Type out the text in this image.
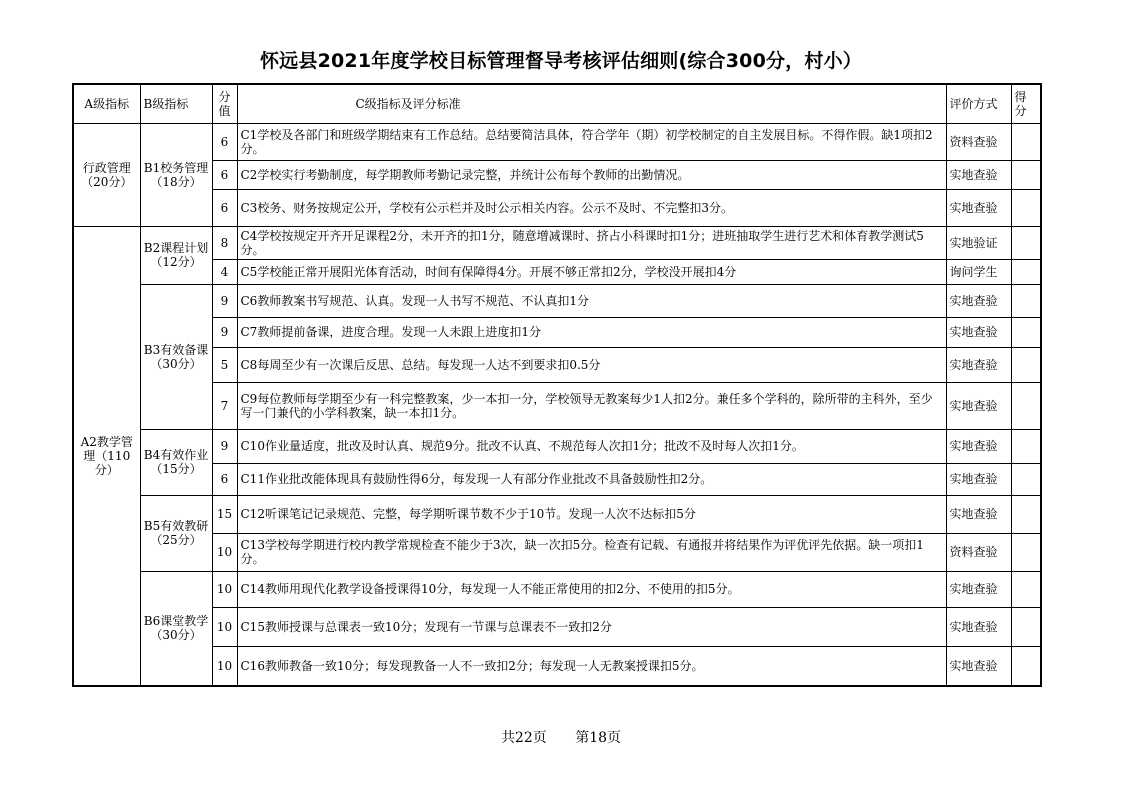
怀远县2021年度学校目标管理督导考核评估细则(综合300分，村小）
A级指标	B级指标	分值	C级指标及评分标准	评价方式	得分
行政管理（20分）	B1校务管理（18分）	6	C1学校及各部门和班级学期结束有工作总结。总结要简洁具体，符合学年（期）初学校制定的自主发展目标。不得作假。缺1项扣2分。	资料查验	
		6	C2学校实行考勤制度，每学期教师考勤记录完整，并统计公布每个教师的出勤情况。	实地查验	
		6	C3校务、财务按规定公开，学校有公示栏并及时公示相关内容。公示不及时、不完整扣3分。	实地查验	
A2教学管理（110分）	B2课程计划（12分）	8	C4学校按规定开齐开足课程2分，未开齐的扣1分，随意增减课时、挤占小科课时扣1分；进班抽取学生进行艺术和体育教学测试5分。	实地验证	
		4	C5学校能正常开展阳光体育活动，时间有保障得4分。开展不够正常扣2分，学校没开展扣4分	询问学生	
	B3有效备课（30分）	9	C6教师教案书写规范、认真。发现一人书写不规范、不认真扣1分	实地查验	
		9	C7教师提前备课，进度合理。发现一人未跟上进度扣1分	实地查验	
		5	C8每周至少有一次课后反思、总结。每发现一人达不到要求扣0.5分	实地查验	
		7	C9每位教师每学期至少有一科完整教案，少一本扣一分，学校领导无教案每少1人扣2分。兼任多个学科的，除所带的主科外，至少写一门兼代的小学科教案，缺一本扣1分。	实地查验	
	B4有效作业（15分）	9	C10作业量适度，批改及时认真、规范9分。批改不认真、不规范每人次扣1分；批改不及时每人次扣1分。	实地查验	
		6	C11作业批改能体现具有鼓励性得6分，每发现一人有部分作业批改不具备鼓励性扣2分。	实地查验	
	B5有效教研（25分）	15	C12听课笔记记录规范、完整，每学期听课节数不少于10节。发现一人次不达标扣5分	实地查验	
		10	C13学校每学期进行校内教学常规检查不能少于3次，缺一次扣5分。检查有记载、有通报并将结果作为评优评先依据。缺一项扣1分。	资料查验	
	B6课堂教学（30分）	10	C14教师用现代化教学设备授课得10分，每发现一人不能正常使用的扣2分、不使用的扣5分。	实地查验	
		10	C15教师授课与总课表一致10分；发现有一节课与总课表不一致扣2分	实地查验	
		10	C16教师教备一致10分；每发现教备一人不一致扣2分；每发现一人无教案授课扣5分。	实地查验	
共22页 第18页
